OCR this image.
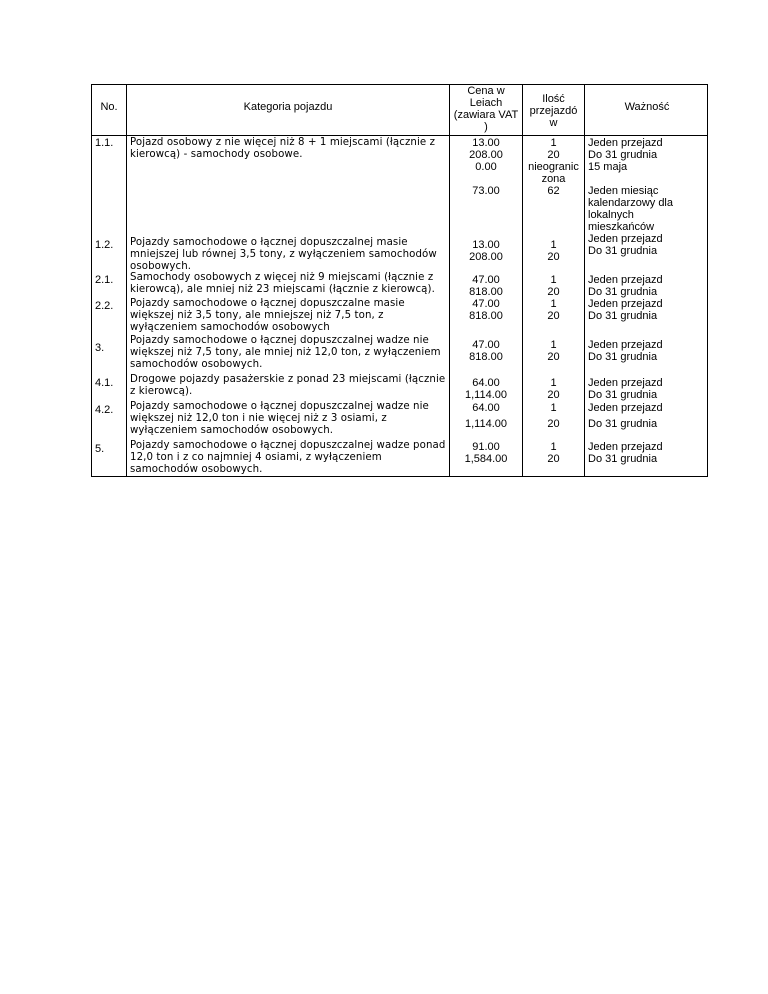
No.	Kategoria pojazdu
Cena w
Leiach
(zawiara VAT
)
Ilość
przejazdó
w
Ważność
1.1. Pojazd osobowy z nie więcej niż 8 + 1 miejscami (łącznie z
kierowcą) - samochody osobowe.
13.00
208.00
0.00

73.00
1
20
nieogranic
zona
62
Jeden przejazd
Do 31 grudnia
15 maja

Jeden miesiąc
kalendarzowy dla
lokalnych
mieszkańców
1.2. Pojazdy samochodowe o łącznej dopuszczalnej masie
mniejszej lub równej 3,5 tony, z wyłączeniem samochodów
osobowych.
13.00
208.00
1
20
Jeden przejazd
Do 31 grudnia
2.1. Samochody osobowych z więcej niż 9 miejscami (łącznie z
kierowcą), ale mniej niż 23 miejscami (łącznie z kierowcą).
47.00
818.00
1
20
Jeden przejazd
Do 31 grudnia
2.2. Pojazdy samochodowe o łącznej dopuszczalne masie
większej niż 3,5 tony, ale mniejszej niż 7,5 ton, z
wyłączeniem samochodów osobowych
47.00
818.00
1
20
Jeden przejazd
Do 31 grudnia
3.
Pojazdy samochodowe o łącznej dopuszczalnej wadze nie
większej niż 7,5 tony, ale mniej niż 12,0 ton, z wyłączeniem
samochodów osobowych.
47.00
818.00
1
20
Jeden przejazd
Do 31 grudnia
4.1. Drogowe pojazdy pasażerskie z ponad 23 miejscami (łącznie
z kierowcą).
64.00
1,114.00
1
20
Jeden przejazd
Do 31 grudnia
4.2. Pojazdy samochodowe o łącznej dopuszczalnej wadze nie
większej niż 12,0 ton i nie więcej niż z 3 osiami, z
wyłączeniem samochodów osobowych.
64.00
1,114.00
1
20
Jeden przejazd
Do 31 grudnia
5.	Pojazdy samochodowe o łącznej dopuszczalnej wadze ponad
12,0 ton i z co najmniej 4 osiami, z wyłączeniem
samochodów osobowych.
91.00
1,584.00
1
20
Jeden przejazd
Do 31 grudnia
